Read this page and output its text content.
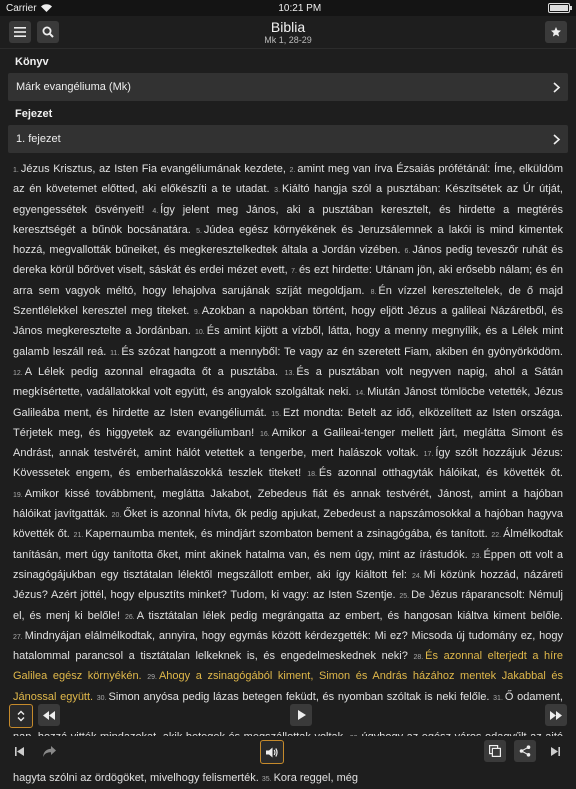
Carrier	10:21 PM
Biblia
Mk 1, 28-29
Könyv
Márk evangéliuma (Mk)
Fejezet
1. fejezet
1. Jézus Krisztus, az Isten Fia evangéliumának kezdete, 2. amint meg van írva Ézsaiás prófétánál: Íme, elküldöm az én követemet előtted, aki előkészíti a te utadat. 3. Kiáltó hangja szól a pusztában: Készítsétek az Úr útját, egyengessétek ösvényeit! 4. Így jelent meg János, aki a pusztában keresztelt, és hirdette a megtérés keresztségét a bűnök bocsánatára. 5. Júdea egész környékének és Jeruzsálemnek a lakói is mind kimentek hozzá, megvallották bűneiket, és megkeresztelkedtek általa a Jordán vizében. 6. János pedig teveszőr ruhát és dereka körül bőrövet viselt, sáskát és erdei mézet evett, 7. és ezt hirdette: Utánam jön, aki erősebb nálam; és én arra sem vagyok méltó, hogy lehajolva sarujának szíját megoldjam. 8. Én vízzel kereszteltelek, de ő majd Szentlélekkel keresztel meg titeket. 9. Azokban a napokban történt, hogy eljött Jézus a galileai Názáretből, és János megkeresztelte a Jordánban. 10. És amint kijött a vízből, látta, hogy a menny megnyílik, és a Lélek mint galamb leszáll reá. 11. És szózat hangzott a mennyből: Te vagy az én szeretett Fiam, akiben én gyönyörködöm. 12. A Lélek pedig azonnal elragadta őt a pusztába. 13. És a pusztában volt negyven napig, ahol a Sátán megkísértette, vadállatokkal volt együtt, és angyalok szolgáltak neki. 14. Miután Jánost tömlöcbe vetették, Jézus Galileába ment, és hirdette az Isten evangéliumát. 15. Ezt mondta: Betelt az idő, elközelített az Isten országa. Térjetek meg, és higgyetek az evangéliumban! 16. Amikor a Galileai-tenger mellett járt, meglátta Simont és Andrást, annak testvérét, amint hálót vetettek a tengerbe, mert halászok voltak. 17. Így szólt hozzájuk Jézus: Kövessetek engem, és emberhalászokká teszlek titeket! 18. És azonnal otthagyták hálóikat, és követték őt. 19. Amikor kissé továbbment, meglátta Jakabot, Zebedeus fiát és annak testvérét, Jánost, amint a hajóban hálóikat javítgatták. 20. Őket is azonnal hívta, ők pedig apjukat, Zebedeust a napszámosokkal a hajóban hagyva követték őt. 21. Kapernaumba mentek, és mindjárt szombaton bement a zsinagógába, és tanított. 22. Álmélkodtak tanításán, mert úgy tanította őket, mint akinek hatalma van, és nem úgy, mint az írástudók. 23. Éppen ott volt a zsinagógájukban egy tisztátalan lélektől megszállott ember, aki így kiáltott fel: 24. Mi közünk hozzád, názáreti Jézus? Azért jöttél, hogy elpusztíts minket? Tudom, ki vagy: az Isten Szentje. 25. De Jézus ráparancsolt: Némulj el, és menj ki belőle! 26. A tisztátalan lélek pedig megrángatta az embert, és hangosan kiáltva kiment belőle. 27. Mindnyájan elálmélkodtak, annyira, hogy egymás között kérdezgették: Mi ez? Micsoda új tudomány ez, hogy hatalommal parancsol a tisztátalan lelkeknek is, és engedelmeskednek neki? 28. És azonnal elterjedt a híre Galilea egész környékén. 29. Ahogy a zsinagógából kiment, Simon és András házához mentek Jakabbal és Jánossal együtt. 30. Simon anyósa pedig lázas betegen feküdt, és nyomban szóltak is neki felőle. 31. Ő odament, hagyta szólni az ördögöket, mivelhogy felismerték. 35. Kora reggel, még
